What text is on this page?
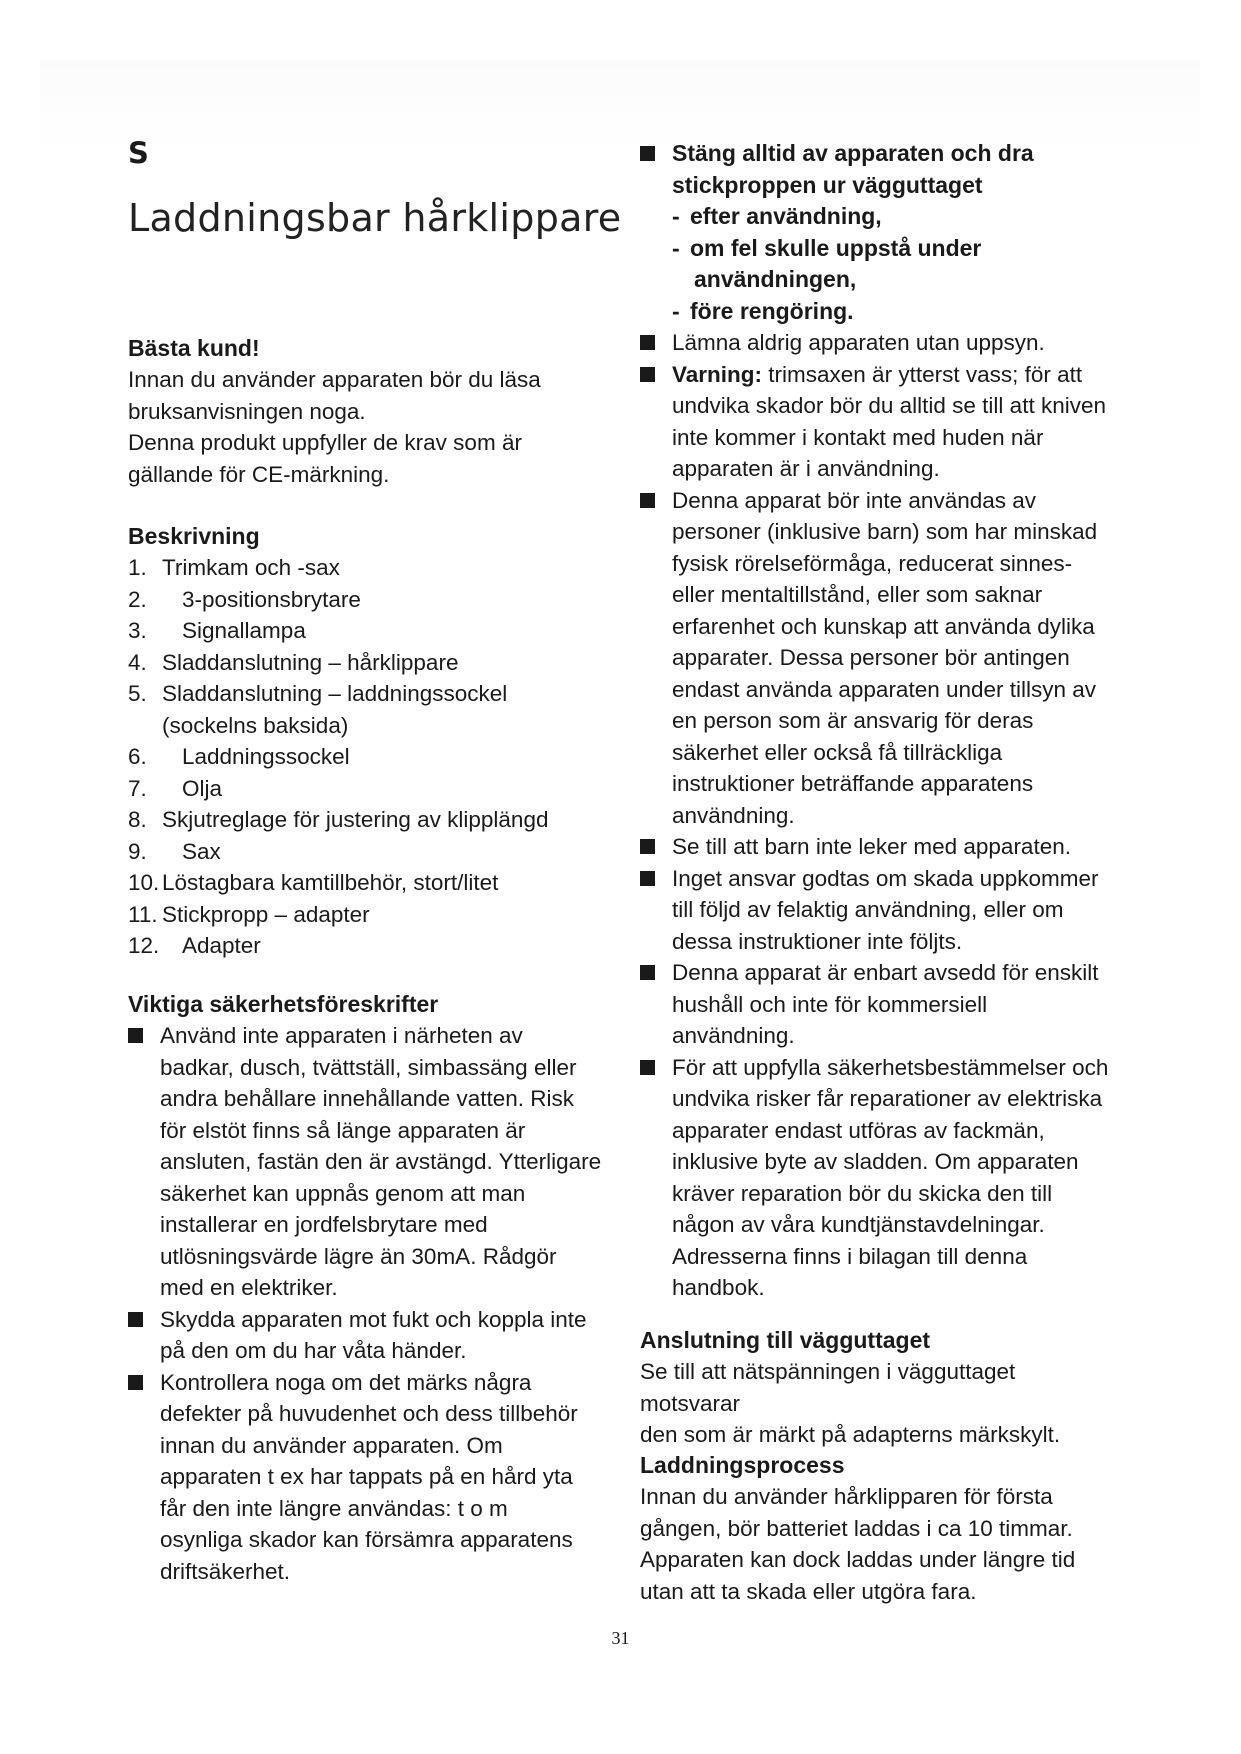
S
Laddningsbar hårklippare
Bästa kund!
Innan du använder apparaten bör du läsa
bruksanvisningen noga.
Denna produkt uppfyller de krav som är
gällande för CE-märkning.
Beskrivning
1. Trimkam och -sax
2. 3-positionsbrytare
3. Signallampa
4. Sladdanslutning – hårklippare
5. Sladdanslutning – laddningssockel
(sockelns baksida)
6. Laddningssockel
7. Olja
8. Skjutreglage för justering av klipplängd
9. Sax
10. Löstagbara kamtillbehör, stort/litet
11. Stickpropp – adapter
12. Adapter
Viktiga säkerhetsföreskrifter
Använd inte apparaten i närheten av
badkar, dusch, tvättställ, simbassäng eller
andra behållare innehållande vatten. Risk
för elstöt finns så länge apparaten är
ansluten, fastän den är avstängd. Ytterligare
säkerhet kan uppnås genom att man
installerar en jordfelsbrytare med
utlösningsvärde lägre än 30mA. Rådgör
med en elektriker.
Skydda apparaten mot fukt och koppla inte
på den om du har våta händer.
Kontrollera noga om det märks några
defekter på huvudenhet och dess tillbehör
innan du använder apparaten. Om
apparaten t ex har tappats på en hård yta
får den inte längre användas: t o m
osynliga skador kan försämra apparatens
driftsäkerhet.
Stäng alltid av apparaten och dra
stickproppen ur vägguttaget
- efter användning,
- om fel skulle uppstå under
användningen,
- före rengöring.
Lämna aldrig apparaten utan uppsyn.
Varning: trimsaxen är ytterst vass; för att
undvika skador bör du alltid se till att kniven
inte kommer i kontakt med huden när
apparaten är i användning.
Denna apparat bör inte användas av
personer (inklusive barn) som har minskad
fysisk rörelseförmåga, reducerat sinnes-
eller mentaltillstånd, eller som saknar
erfarenhet och kunskap att använda dylika
apparater. Dessa personer bör antingen
endast använda apparaten under tillsyn av
en person som är ansvarig för deras
säkerhet eller också få tillräckliga
instruktioner beträffande apparatens
användning.
Se till att barn inte leker med apparaten.
Inget ansvar godtas om skada uppkommer
till följd av felaktig användning, eller om
dessa instruktioner inte följts.
Denna apparat är enbart avsedd för enskilt
hushåll och inte för kommersiell
användning.
För att uppfylla säkerhetsbestämmelser och
undvika risker får reparationer av elektriska
apparater endast utföras av fackmän,
inklusive byte av sladden. Om apparaten
kräver reparation bör du skicka den till
någon av våra kundtjänstavdelningar.
Adresserna finns i bilagan till denna
handbok.
Anslutning till vägguttaget
Se till att nätspänningen i vägguttaget motsvarar
den som är märkt på adapterns märkskylt.
Laddningsprocess
Innan du använder hårklipparen för första
gången, bör batteriet laddas i ca 10 timmar.
Apparaten kan dock laddas under längre tid
utan att ta skada eller utgöra fara.
31
